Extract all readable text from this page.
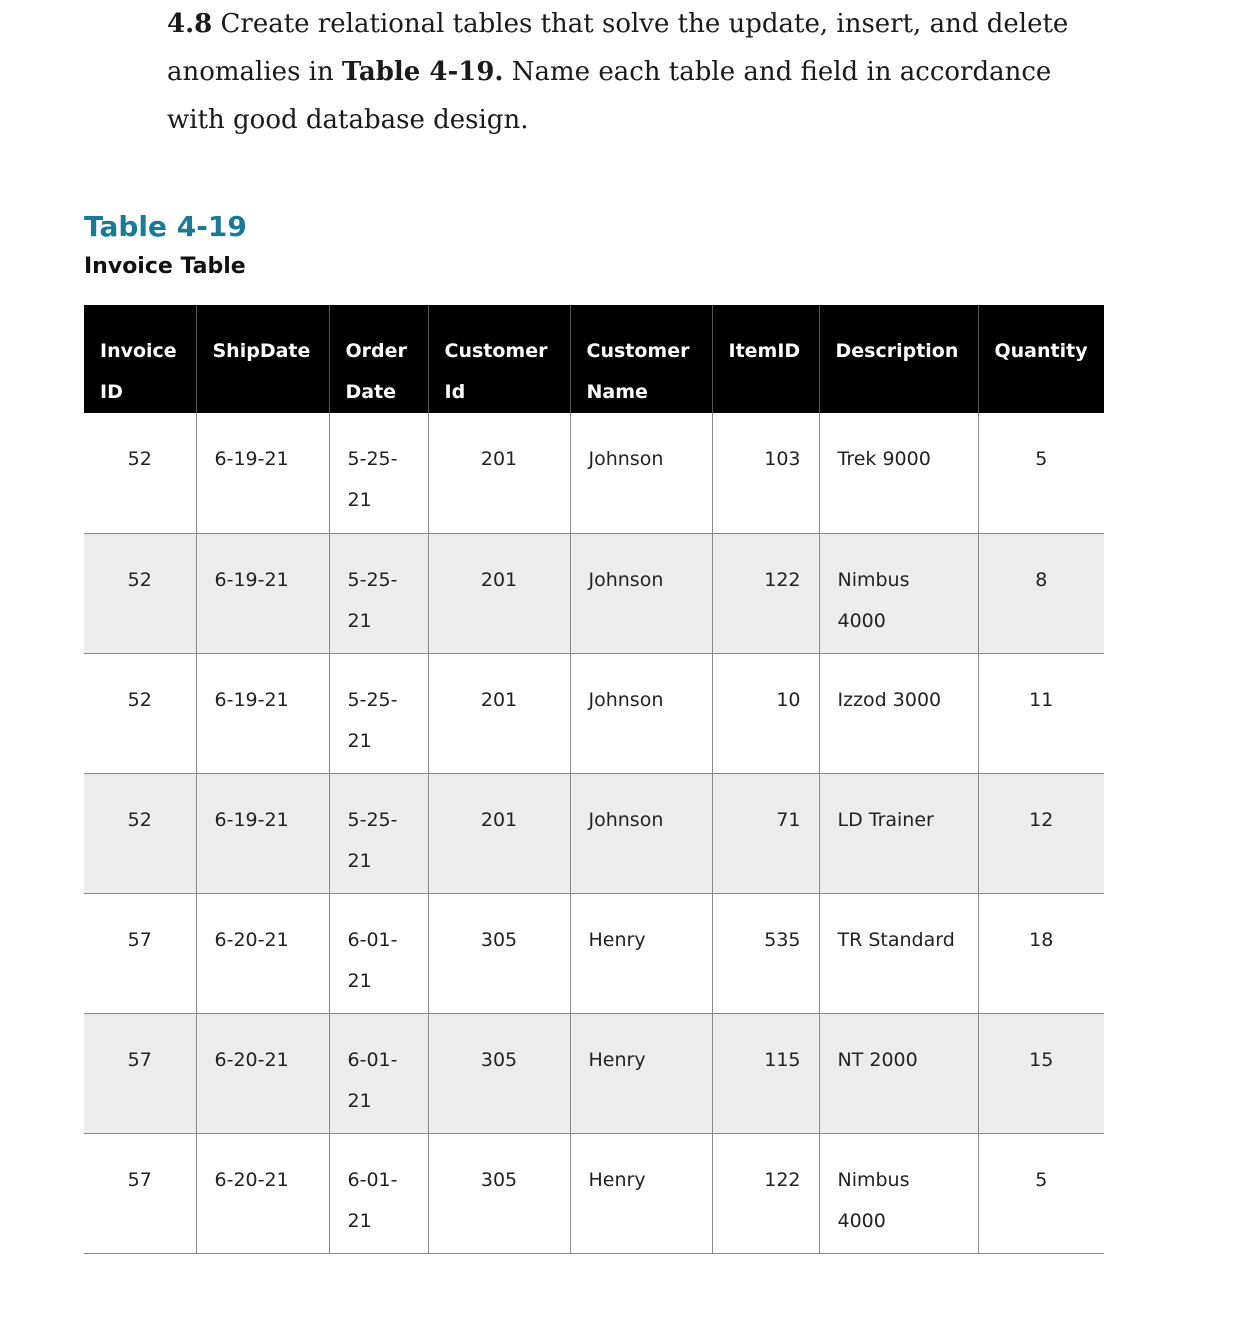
4.8 Create relational tables that solve the update, insert, and delete anomalies in Table 4-19. Name each table and field in accordance with good database design.

Table 4-19
Invoice Table
Invoice ID	ShipDate	Order Date	Customer Id	Customer Name	ItemID	Description	Quantity
52	6-19-21	5-25-21	201	Johnson	103	Trek 9000	5
52	6-19-21	5-25-21	201	Johnson	122	Nimbus 4000	8
52	6-19-21	5-25-21	201	Johnson	10	Izzod 3000	11
52	6-19-21	5-25-21	201	Johnson	71	LD Trainer	12
57	6-20-21	6-01-21	305	Henry	535	TR Standard	18
57	6-20-21	6-01-21	305	Henry	115	NT 2000	15
57	6-20-21	6-01-21	305	Henry	122	Nimbus 4000	5
